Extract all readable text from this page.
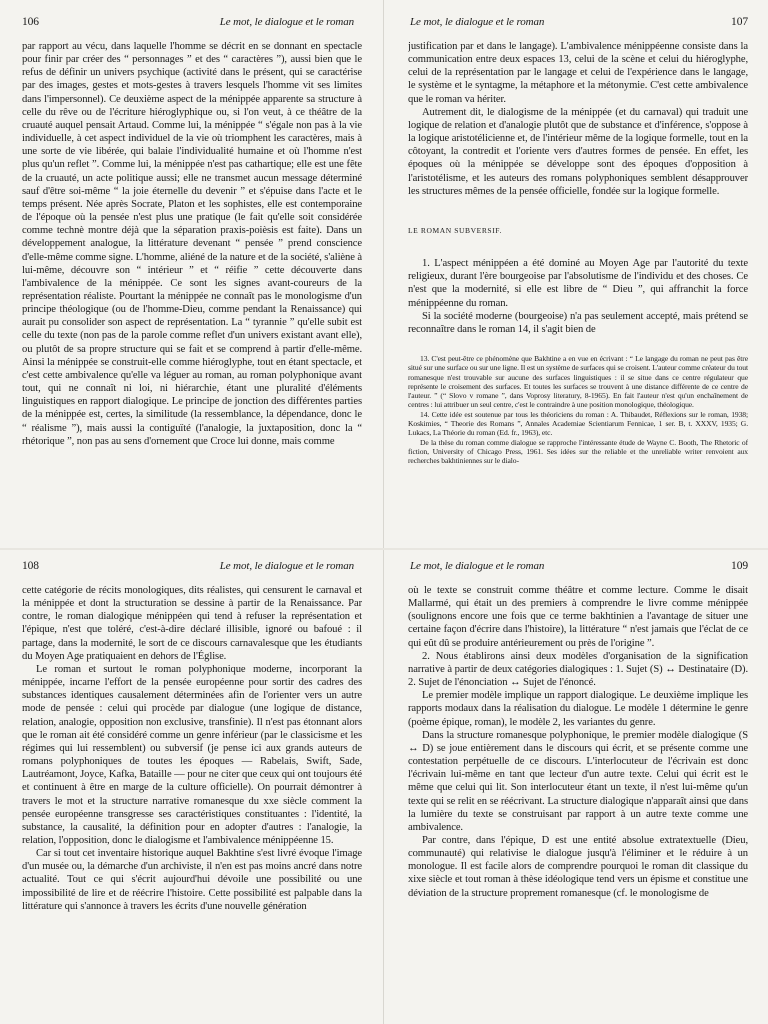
106	Le mot, le dialogue et le roman

par rapport au vécu, dans laquelle l'homme se décrit en se donnant en spectacle pour finir par créer des “ personnages ” et des “ caractères ”), aussi bien que le refus de définir un univers psychique (activité dans le présent, qui se caractérise par des images, gestes et mots-gestes à travers lesquels l'homme vit ses limites dans l'impersonnel). Ce deuxième aspect de la ménippée apparente sa structure à celle du rêve ou de l'écriture hiéroglyphique ou, si l'on veut, à ce théâtre de la cruauté auquel pensait Artaud. Comme lui, la ménippée “ s'égale non pas à la vie individuelle, à cet aspect individuel de la vie où triomphent les caractères, mais à une sorte de vie libérée, qui balaie l'individualité humaine et où l'homme n'est plus qu'un reflet ”. Comme lui, la ménippée n'est pas cathartique; elle est une fête de la cruauté, un acte politique aussi; elle ne transmet aucun message déterminé sauf d'être soi-même “ la joie éternelle du devenir ” et s'épuise dans l'acte et le temps présent. Née après Socrate, Platon et les sophistes, elle est contemporaine de l'époque où la pensée n'est plus une pratique (le fait qu'elle soit considérée comme technè montre déjà que la séparation praxis-poièsis est faite). Dans un développement analogue, la littérature devenant “ pensée ” prend conscience d'elle-même comme signe. L'homme, aliéné de la nature et de la société, s'aliène à lui-même, découvre son “ intérieur ” et “ réifie ” cette découverte dans l'ambivalence de la ménippée. Ce sont les signes avant-coureurs de la représentation réaliste. Pourtant la ménippée ne connaît pas le monologisme d'un principe théologique (ou de l'homme-Dieu, comme pendant la Renaissance) qui aurait pu consolider son aspect de représentation. La “ tyrannie ” qu'elle subit est celle du texte (non pas de la parole comme reflet d'un univers existant avant elle), ou plutôt de sa propre structure qui se fait et se comprend à partir d'elle-même. Ainsi la ménippée se construit-elle comme hiéroglyphe, tout en étant spectacle, et c'est cette ambivalence qu'elle va léguer au roman, au roman polyphonique avant tout, qui ne connaît ni loi, ni hiérarchie, étant une pluralité d'éléments linguistiques en rapport dialogique. Le principe de jonction des différentes parties de la ménippée est, certes, la similitude (la ressemblance, la dépendance, donc le “ réalisme ”), mais aussi la contiguïté (l'analogie, la juxtaposition, donc la “ rhétorique ”, non pas au sens d'ornement que Croce lui donne, mais comme

Le mot, le dialogue et le roman	107

justification par et dans le langage). L'ambivalence ménippéenne consiste dans la communication entre deux espaces 13, celui de la scène et celui du hiéroglyphe, celui de la représentation par le langage et celui de l'expérience dans le langage, le système et le syntagme, la métaphore et la métonymie. C'est cette ambivalence que le roman va hériter.

Autrement dit, le dialogisme de la ménippée (et du carnaval) qui traduit une logique de relation et d'analogie plutôt que de substance et d'inférence, s'oppose à la logique aristotélicienne et, de l'intérieur même de la logique formelle, tout en la côtoyant, la contredit et l'oriente vers d'autres formes de pensée. En effet, les époques où la ménippée se développe sont des époques d'opposition à l'aristotélisme, et les auteurs des romans polyphoniques semblent désapprouver les structures mêmes de la pensée officielle, fondée sur la logique formelle.

LE ROMAN SUBVERSIF.

1. L'aspect ménippéen a été dominé au Moyen Age par l'autorité du texte religieux, durant l'ère bourgeoise par l'absolutisme de l'individu et des choses. Ce n'est que la modernité, si elle est libre de “ Dieu ”, qui affranchit la force ménippéenne du roman.

Si la société moderne (bourgeoise) n'a pas seulement accepté, mais prétend se reconnaître dans le roman 14, il s'agit bien de

13. C'est peut-être ce phénomène que Bakhtine a en vue en écrivant : “ Le langage du roman ne peut pas être situé sur une surface ou sur une ligne. Il est un système de surfaces qui se croisent. L'auteur comme créateur du tout romanesque n'est trouvable sur aucune des surfaces linguistiques : il se situe dans ce centre régulateur que représente le croisement des surfaces. Et toutes les surfaces se trouvent à une distance différente de ce centre de l'auteur. ” (“ Slovo v romane ”, dans Voprosy literatury, 8-1965). En fait l'auteur n'est qu'un enchaînement de centres : lui attribuer un seul centre, c'est le contraindre à une position monologique, théologique.

14. Cette idée est soutenue par tous les théoriciens du roman : A. Thibaudet, Réflexions sur le roman, 1938; Koskimies, “ Theorie des Romans ”, Annales Academiae Scientiarum Fennicae, 1 ser. B, t. XXXV, 1935; G. Lukacs, La Théorie du roman (Ed. fr., 1963), etc.

De la thèse du roman comme dialogue se rapproche l'intéressante étude de Wayne C. Booth, The Rhetoric of fiction, University of Chicago Press, 1961. Ses idées sur the reliable et the unreliable writer renvoient aux recherches bakhtiniennes sur le dialo-

108	Le mot, le dialogue et le roman

cette catégorie de récits monologiques, dits réalistes, qui censurent le carnaval et la ménippée et dont la structuration se dessine à partir de la Renaissance. Par contre, le roman dialogique ménippéen qui tend à refuser la représentation et l'épique, n'est que toléré, c'est-à-dire déclaré illisible, ignoré ou bafoué : il partage, dans la modernité, le sort de ce discours carnavalesque que les étudiants du Moyen Age pratiquaient en dehors de l'Église.

Le roman et surtout le roman polyphonique moderne, incorporant la ménippée, incarne l'effort de la pensée européenne pour sortir des cadres des substances identiques causalement déterminées afin de l'orienter vers un autre mode de pensée : celui qui procède par dialogue (une logique de distance, relation, analogie, opposition non exclusive, transfinie). Il n'est pas étonnant alors que le roman ait été considéré comme un genre inférieur (par le classicisme et les régimes qui lui ressemblent) ou subversif (je pense ici aux grands auteurs de romans polyphoniques de toutes les époques — Rabelais, Swift, Sade, Lautréamont, Joyce, Kafka, Bataille — pour ne citer que ceux qui ont toujours été et continuent à être en marge de la culture officielle). On pourrait démontrer à travers le mot et la structure narrative romanesque du xxe siècle comment la pensée européenne transgresse ses caractéristiques constituantes : l'identité, la substance, la causalité, la définition pour en adopter d'autres : l'analogie, la relation, l'opposition, donc le dialogisme et l'ambivalence ménippéenne 15.

Car si tout cet inventaire historique auquel Bakhtine s'est livré évoque l'image d'un musée ou, la démarche d'un archiviste, il n'en est pas moins ancré dans notre actualité. Tout ce qui s'écrit aujourd'hui dévoile une possibilité ou une impossibilité de lire et de réécrire l'histoire. Cette possibilité est palpable dans la littérature qui s'annonce à travers les écrits d'une nouvelle génération

Le mot, le dialogue et le roman	109

où le texte se construit comme théâtre et comme lecture. Comme le disait Mallarmé, qui était un des premiers à comprendre le livre comme ménippée (soulignons encore une fois que ce terme bakhtinien a l'avantage de situer une certaine façon d'écrire dans l'histoire), la littérature “ n'est jamais que l'éclat de ce qui eût dû se produire antérieurement ou près de l'origine ”.

2. Nous établirons ainsi deux modèles d'organisation de la signification narrative à partir de deux catégories dialogiques : 1. Sujet (S) ↔ Destinataire (D). 2. Sujet de l'énonciation ↔ Sujet de l'énoncé.

Le premier modèle implique un rapport dialogique. Le deuxième implique les rapports modaux dans la réalisation du dialogue. Le modèle 1 détermine le genre (poème épique, roman), le modèle 2, les variantes du genre.

Dans la structure romanesque polyphonique, le premier modèle dialogique (S ↔ D) se joue entièrement dans le discours qui écrit, et se présente comme une contestation perpétuelle de ce discours. L'interlocuteur de l'écrivain est donc l'écrivain lui-même en tant que lecteur d'un autre texte. Celui qui écrit est le même que celui qui lit. Son interlocuteur étant un texte, il n'est lui-même qu'un texte qui se relit en se réécrivant. La structure dialogique n'apparaît ainsi que dans la lumière du texte se construisant par rapport à un autre texte comme une ambivalence.

Par contre, dans l'épique, D est une entité absolue extratextuelle (Dieu, communauté) qui relativise le dialogue jusqu'à l'éliminer et le réduire à un monologue. Il est facile alors de comprendre pourquoi le roman dit classique du xixe siècle et tout roman à thèse idéologique tend vers un épisme et constitue une déviation de la structure proprement romanesque (cf. le monologisme de
